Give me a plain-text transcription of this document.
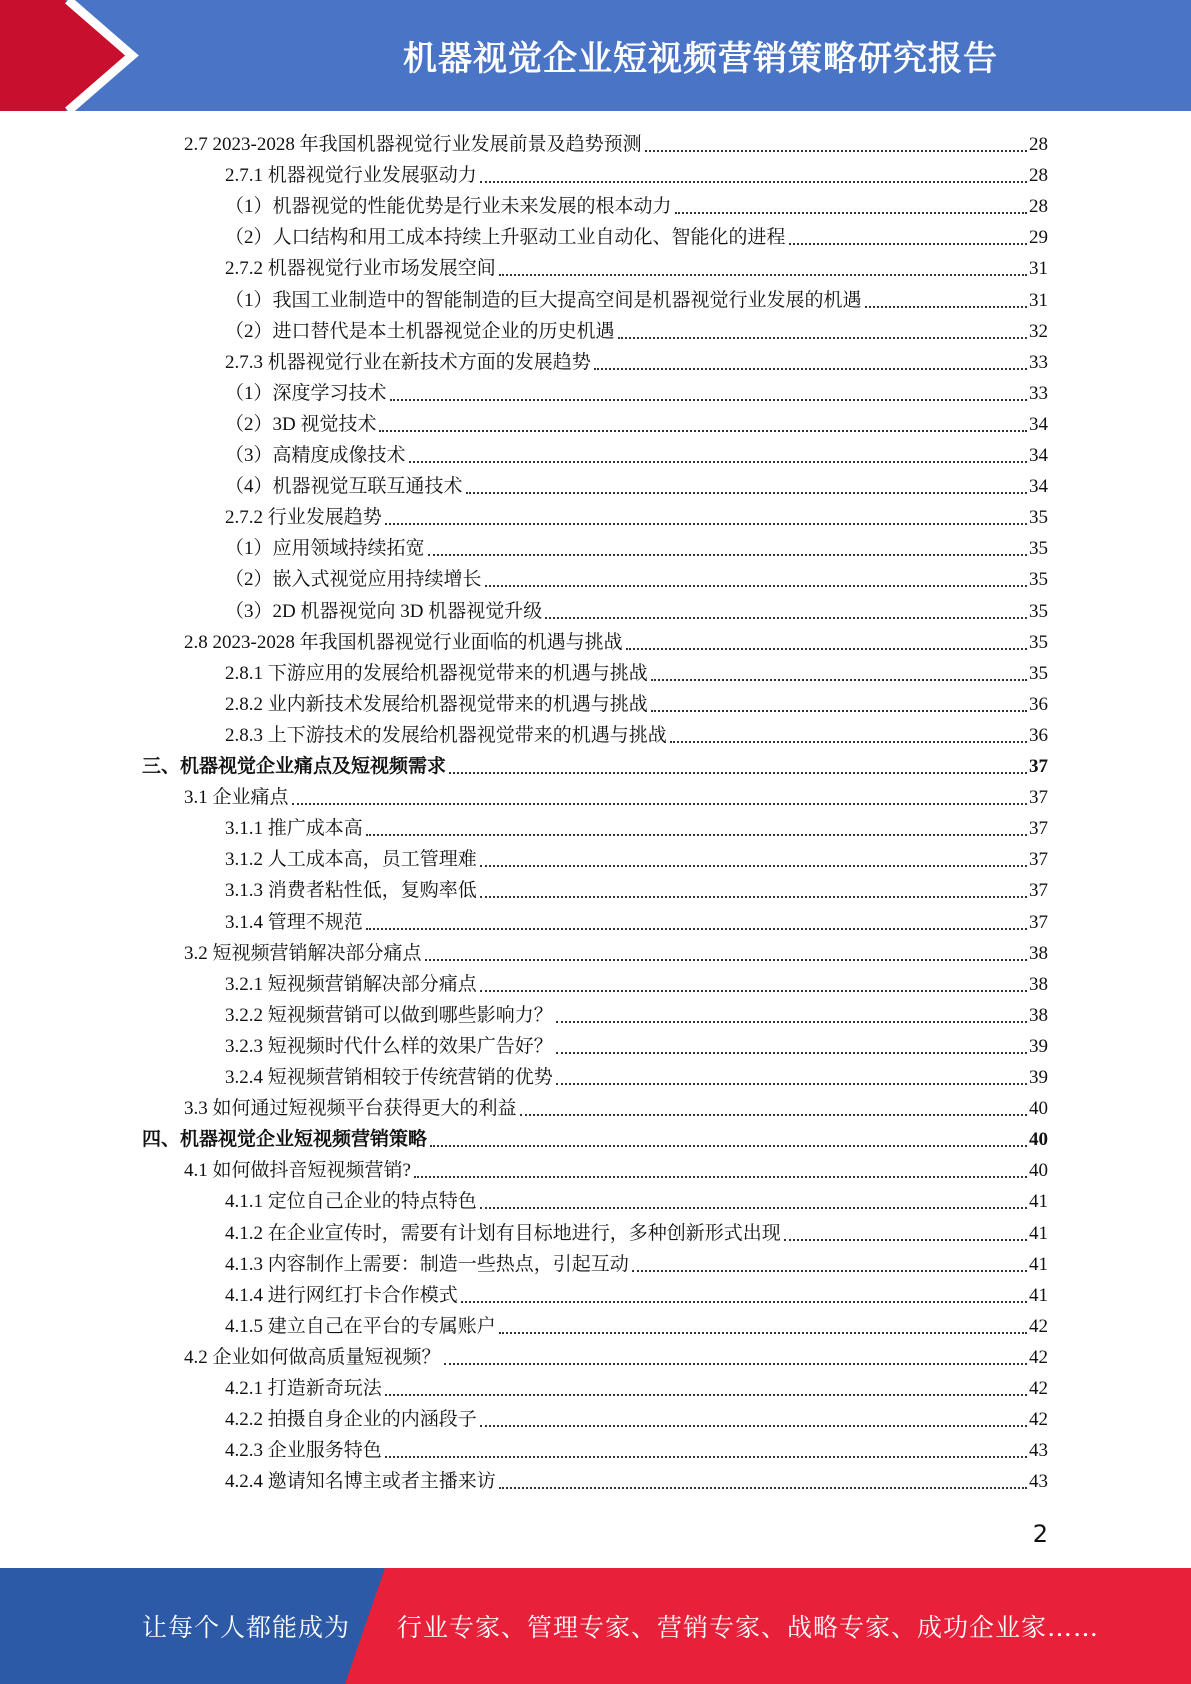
机器视觉企业短视频营销策略研究报告
2.7 2023-2028 年我国机器视觉行业发展前景及趋势预测	28
2.7.1 机器视觉行业发展驱动力	28
（1）机器视觉的性能优势是行业未来发展的根本动力	28
（2）人口结构和用工成本持续上升驱动工业自动化、智能化的进程	29
2.7.2 机器视觉行业市场发展空间	31
（1）我国工业制造中的智能制造的巨大提高空间是机器视觉行业发展的机遇	31
（2）进口替代是本土机器视觉企业的历史机遇	32
2.7.3 机器视觉行业在新技术方面的发展趋势	33
（1）深度学习技术	33
（2）3D 视觉技术	34
（3）高精度成像技术	34
（4）机器视觉互联互通技术	34
2.7.2 行业发展趋势	35
（1）应用领域持续拓宽	35
（2）嵌入式视觉应用持续增长	35
（3）2D 机器视觉向 3D 机器视觉升级	35
2.8 2023-2028 年我国机器视觉行业面临的机遇与挑战	35
2.8.1 下游应用的发展给机器视觉带来的机遇与挑战	35
2.8.2 业内新技术发展给机器视觉带来的机遇与挑战	36
2.8.3 上下游技术的发展给机器视觉带来的机遇与挑战	36
三、机器视觉企业痛点及短视频需求	37
3.1 企业痛点	37
3.1.1 推广成本高	37
3.1.2 人工成本高，员工管理难	37
3.1.3 消费者粘性低，复购率低	37
3.1.4 管理不规范	37
3.2 短视频营销解决部分痛点	38
3.2.1 短视频营销解决部分痛点	38
3.2.2 短视频营销可以做到哪些影响力？	38
3.2.3 短视频时代什么样的效果广告好？	39
3.2.4 短视频营销相较于传统营销的优势	39
3.3 如何通过短视频平台获得更大的利益	40
四、机器视觉企业短视频营销策略	40
4.1 如何做抖音短视频营销?	40
4.1.1 定位自己企业的特点特色	41
4.1.2 在企业宣传时，需要有计划有目标地进行，多种创新形式出现	41
4.1.3 内容制作上需要：制造一些热点，引起互动	41
4.1.4 进行网红打卡合作模式	41
4.1.5 建立自己在平台的专属账户	42
4.2 企业如何做高质量短视频？	42
4.2.1 打造新奇玩法	42
4.2.2 拍摄自身企业的内涵段子	42
4.2.3 企业服务特色	43
4.2.4 邀请知名博主或者主播来访	43
2
让每个人都能成为 行业专家、管理专家、营销专家、战略专家、成功企业家……
